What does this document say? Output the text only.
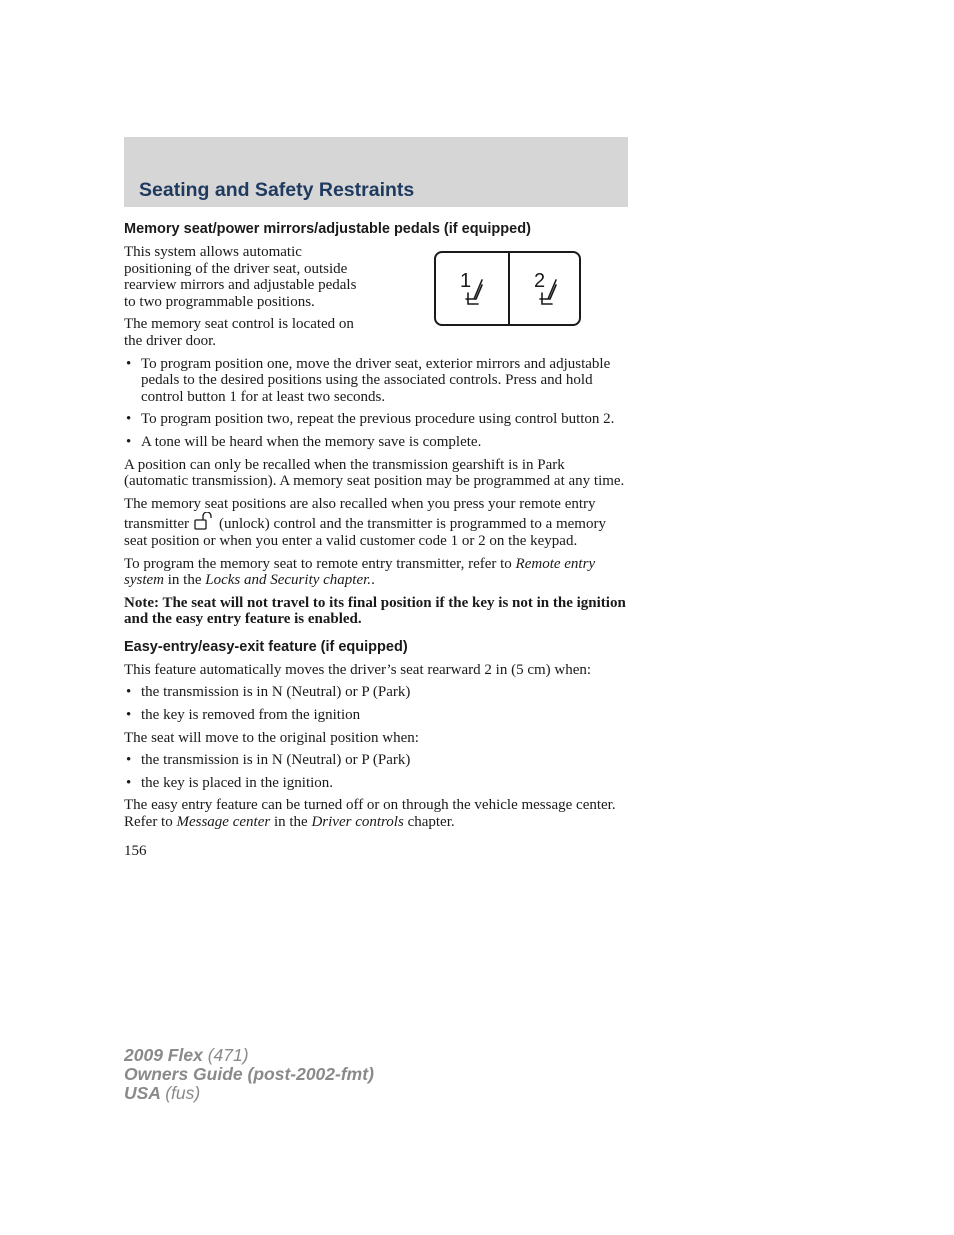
Seating and Safety Restraints
Memory seat/power mirrors/adjustable pedals (if equipped)
1	2

This system allows automatic positioning of the driver seat, outside rearview mirrors and adjustable pedals to two programmable positions.

The memory seat control is located on the driver door.

• To program position one, move the driver seat, exterior mirrors and adjustable pedals to the desired positions using the associated controls. Press and hold control button 1 for at least two seconds.
• To program position two, repeat the previous procedure using control button 2.
• A tone will be heard when the memory save is complete.

A position can only be recalled when the transmission gearshift is in Park (automatic transmission). A memory seat position may be programmed at any time.

The memory seat positions are also recalled when you press your remote entry transmitter (unlock) control and the transmitter is programmed to a memory seat position or when you enter a valid customer code 1 or 2 on the keypad.

To program the memory seat to remote entry transmitter, refer to Remote entry system in the Locks and Security chapter..

Note: The seat will not travel to its final position if the key is not in the ignition and the easy entry feature is enabled.

Easy-entry/easy-exit feature (if equipped)

This feature automatically moves the driver’s seat rearward 2 in (5 cm) when:

• the transmission is in N (Neutral) or P (Park)
• the key is removed from the ignition

The seat will move to the original position when:

• the transmission is in N (Neutral) or P (Park)
• the key is placed in the ignition.

The easy entry feature can be turned off or on through the vehicle message center. Refer to Message center in the Driver controls chapter.

156

2009 Flex (471)
Owners Guide (post-2002-fmt)
USA (fus)
